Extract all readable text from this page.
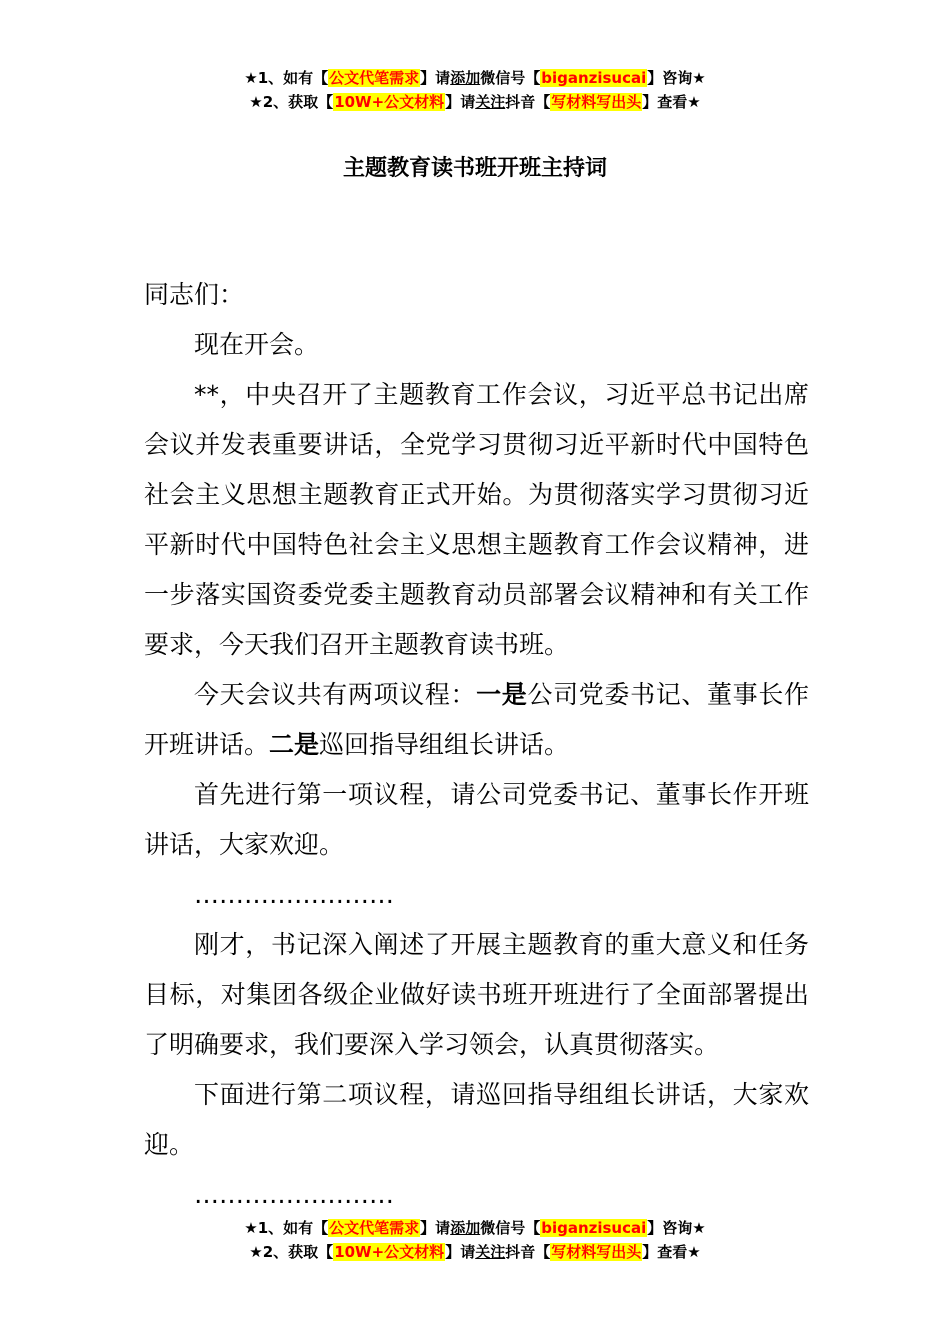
★1、如有【公文代笔需求】请添加微信号【biganzisucai】咨询★
★2、获取【10W+公文材料】请关注抖音【写材料写出头】查看★
主题教育读书班开班主持词

同志们：

现在开会。

**，中央召开了主题教育工作会议，习近平总书记出席会议并发表重要讲话，全党学习贯彻习近平新时代中国特色社会主义思想主题教育正式开始。为贯彻落实学习贯彻习近平新时代中国特色社会主义思想主题教育工作会议精神，进一步落实国资委党委主题教育动员部署会议精神和有关工作要求，今天我们召开主题教育读书班。

今天会议共有两项议程：一是公司党委书记、董事长作开班讲话。二是巡回指导组组长讲话。

首先进行第一项议程，请公司党委书记、董事长作开班讲话，大家欢迎。

……………………

刚才，书记深入阐述了开展主题教育的重大意义和任务目标，对集团各级企业做好读书班开班进行了全面部署提出了明确要求，我们要深入学习领会，认真贯彻落实。

下面进行第二项议程，请巡回指导组组长讲话，大家欢迎。

……………………

★1、如有【公文代笔需求】请添加微信号【biganzisucai】咨询★
★2、获取【10W+公文材料】请关注抖音【写材料写出头】查看★
